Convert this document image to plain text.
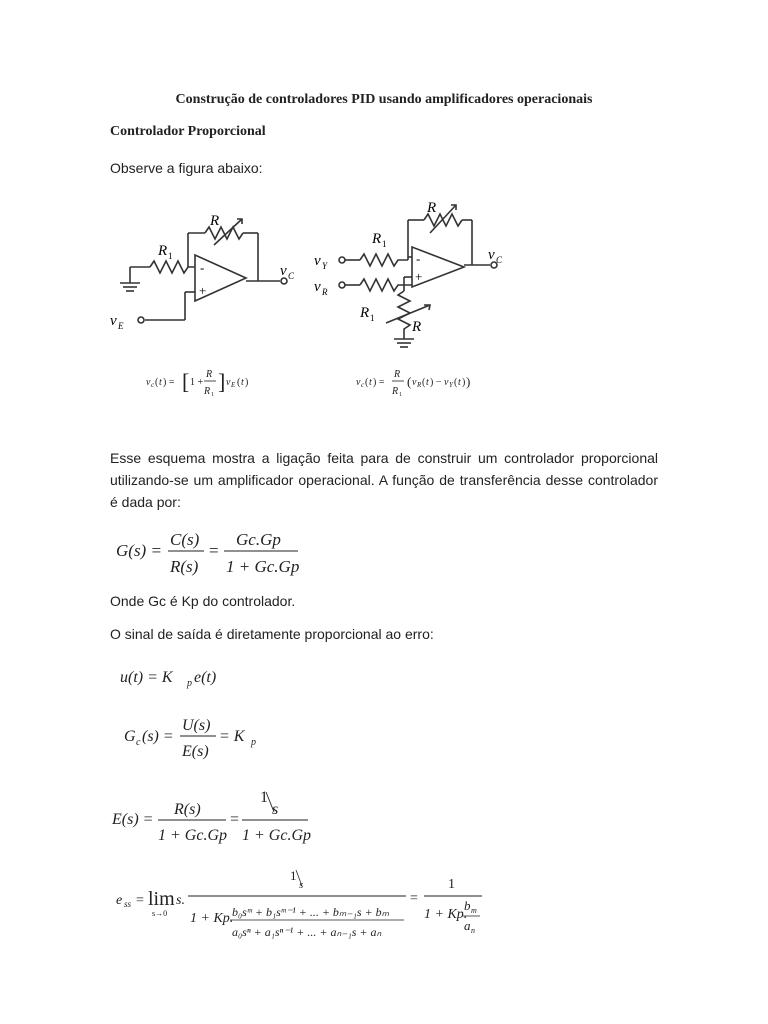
Construção de controladores PID usando amplificadores operacionais
Controlador Proporcional
Observe a figura abaixo:
R
R 1
-
+
v C
v E
v c ( t ) = [ 1 +
R
R 1
] v E ( t )
R
R 1
-
+
v Y
v R
v C
R 1
R
v c ( t ) =
R
R 1
( v R ( t ) − v Y ( t ) )
Esse esquema mostra a ligação feita para de construir um controlador proporcional utilizando-se um amplificador operacional. A função de transferência desse controlador é dada por:
G(s) =
C(s)
R(s)
=
Gc.Gp
1 + Gc.Gp
Onde Gc é Kp do controlador.
O sinal de saída é diretamente proporcional ao erro:
u(t) = K p e(t)
G c (s) =
U(s)
E(s)
= K p
E(s) =
R(s)
1 + Gc.Gp
=
1
s
1 + Gc.Gp
e ss = lim
s→0
s.
1
s
1 + Kp.
b₀sᵐ + b₁sᵐ⁻¹ + ... + bₘ₋₁s + bₘ
a₀sⁿ + a₁sⁿ⁻¹ + ... + aₙ₋₁s + aₙ
=
1
1 + Kp.
b m
a n
